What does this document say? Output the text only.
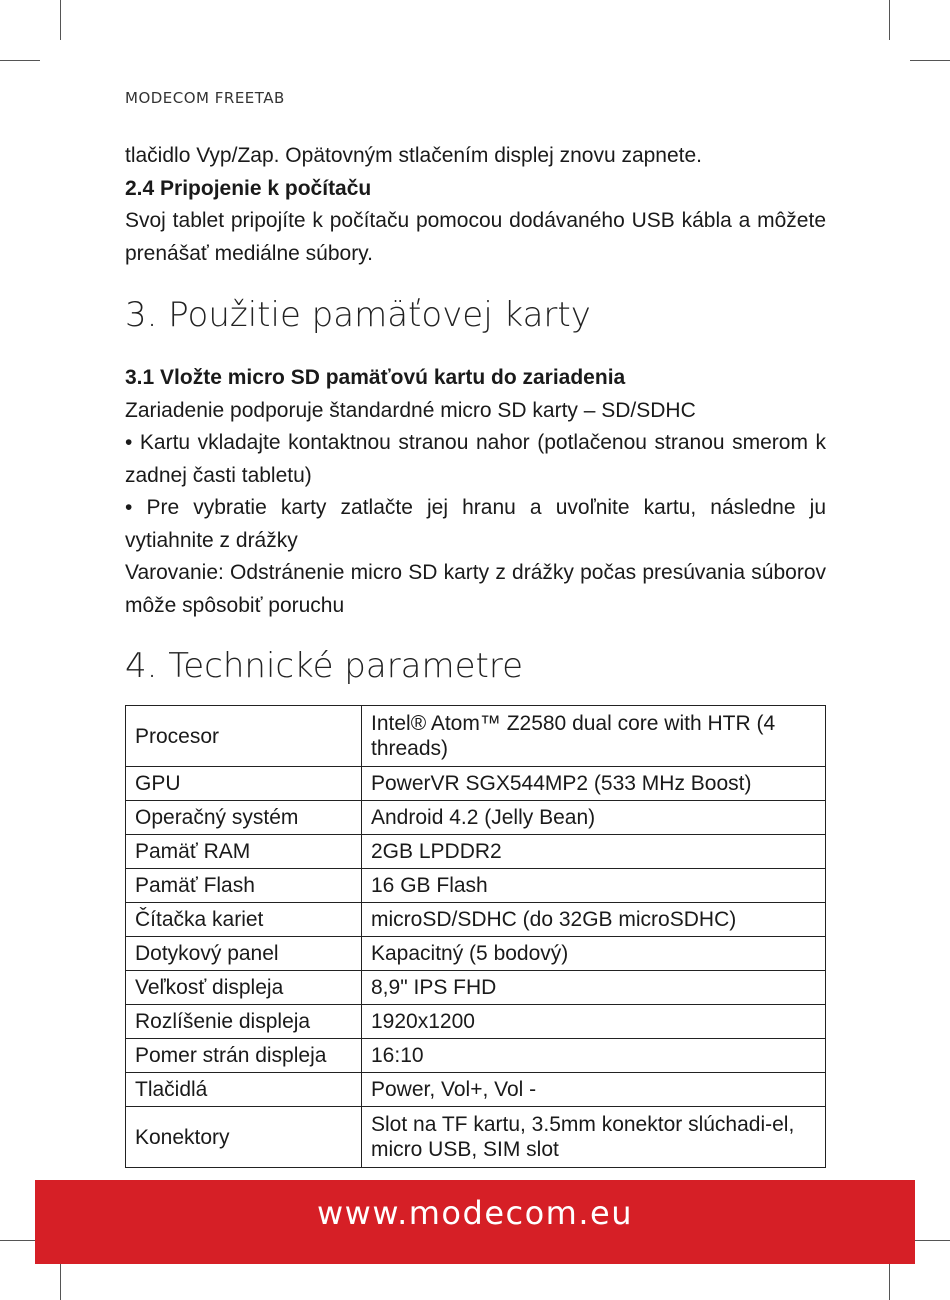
MODECOM FREETAB

tlačidlo Vyp/Zap. Opätovným stlačením displej znovu zapnete.

2.4 Pripojenie k počítaču

Svoj tablet pripojíte k počítaču pomocou dodávaného USB kábla a môžete prenášať mediálne súbory.

3. Použitie pamäťovej karty

3.1 Vložte micro SD pamäťovú kartu do zariadenia

Zariadenie podporuje štandardné micro SD karty – SD/SDHC

• Kartu vkladajte kontaktnou stranou nahor (potlačenou stranou smerom k zadnej časti tabletu)

• Pre vybratie karty zatlačte jej hranu a uvoľnite kartu, následne ju vytiahnite z drážky

Varovanie: Odstránenie micro SD karty z drážky počas presúvania súborov môže spôsobiť poruchu

4. Technické parametre
Procesor	Intel® Atom™ Z2580 dual core with HTR (4 threads)
GPU	PowerVR SGX544MP2 (533 MHz Boost)
Operačný systém	Android 4.2 (Jelly Bean)
Pamäť RAM	2GB LPDDR2
Pamäť Flash	16 GB Flash
Čítačka kariet	microSD/SDHC (do 32GB microSDHC)
Dotykový panel	Kapacitný (5 bodový)
Veľkosť displeja	8,9" IPS FHD
Rozlíšenie displeja	1920x1200
Pomer strán displeja	16:10
Tlačidlá	Power, Vol+, Vol -
Konektory	Slot na TF kartu, 3.5mm konektor slúchadi-el, micro USB, SIM slot
www.modecom.eu
